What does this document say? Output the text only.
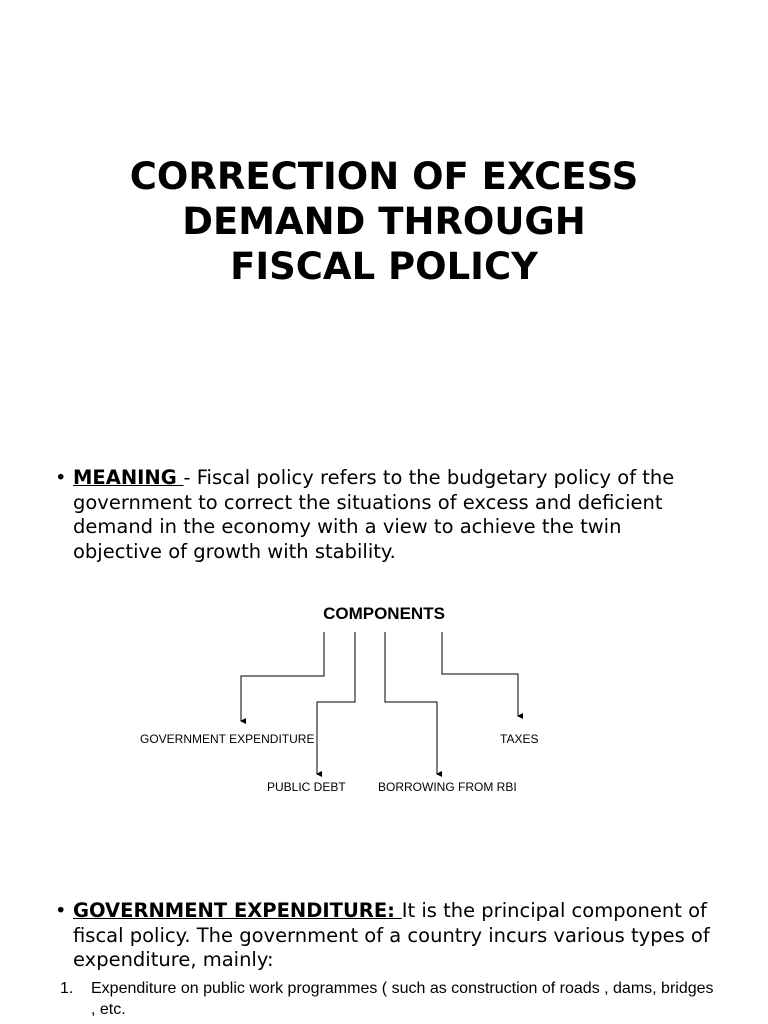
CORRECTION OF EXCESS
DEMAND THROUGH
FISCAL POLICY
• MEANING - Fiscal policy refers to the budgetary policy of the government to correct the situations of excess and deficient demand in the economy with a view to achieve the twin objective of growth with stability.
COMPONENTS
GOVERNMENT EXPENDITURE	TAXES
PUBLIC DEBT	BORROWING FROM RBI
• GOVERNMENT EXPENDITURE: It is the principal component of fiscal policy. The government of a country incurs various types of expenditure, mainly:
1. Expenditure on public work programmes ( such as construction of roads , dams, bridges , etc.
